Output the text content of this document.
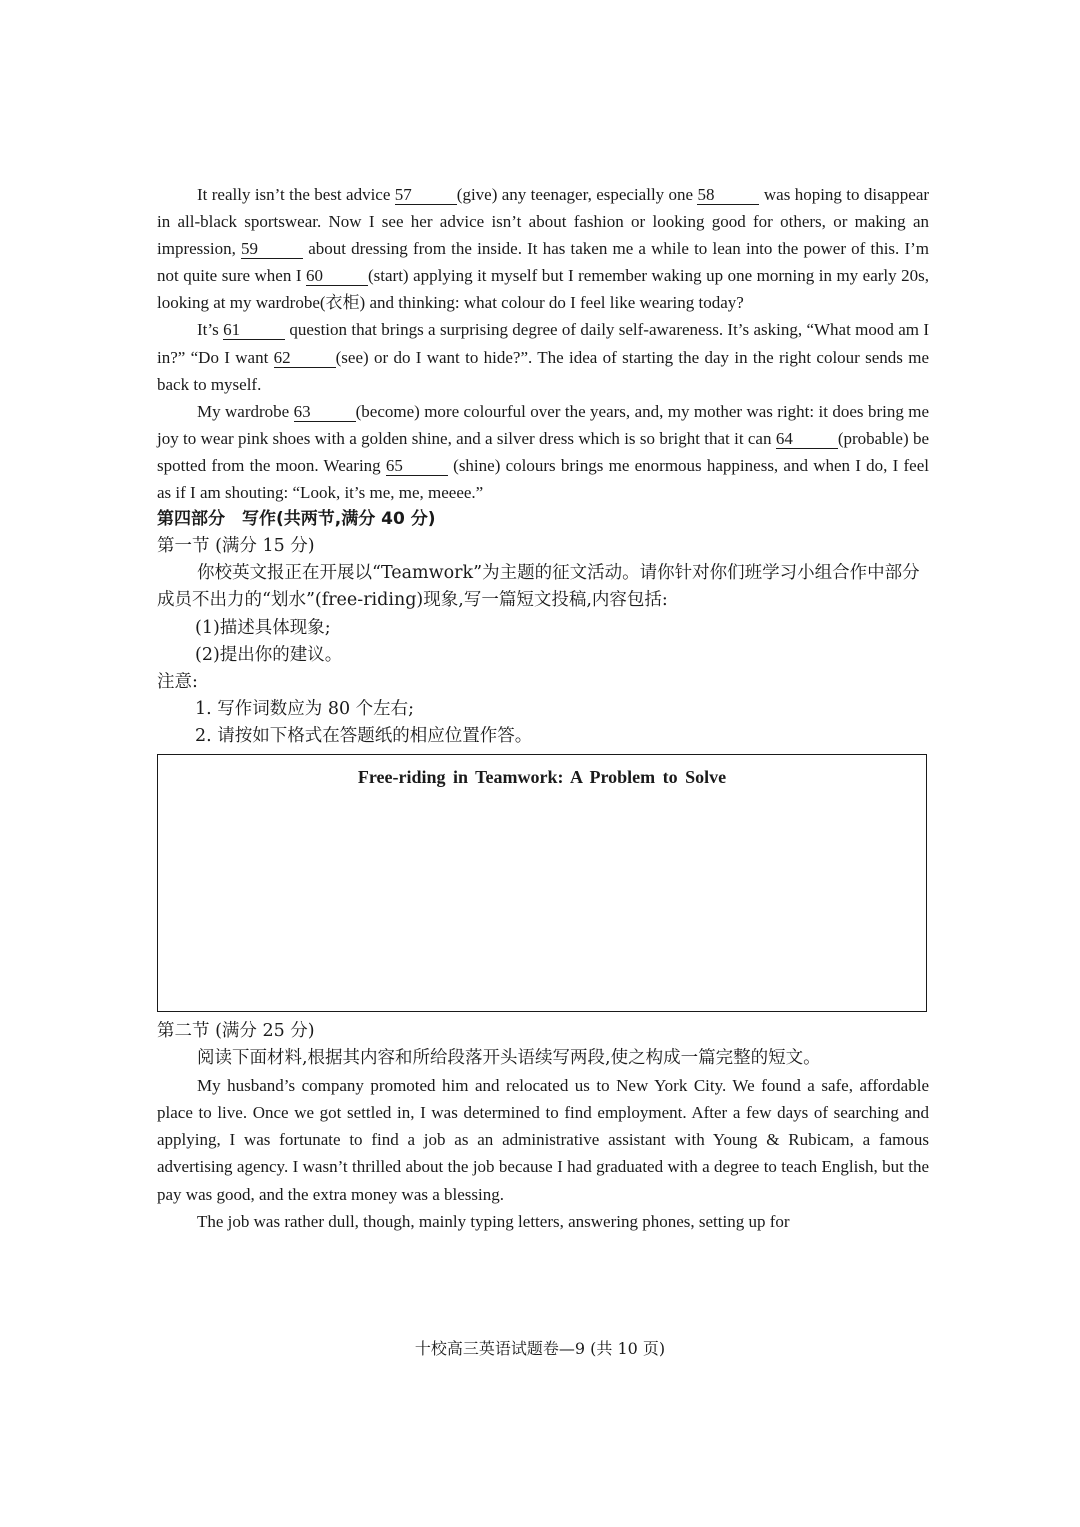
It really isn’t the best advice 57	(give) any teenager, especially one 58	was hoping to disappear in all-black sportswear. Now I see her advice isn’t about fashion or looking good for others, or making an impression, 59	about dressing from the inside. It has taken me a while to lean into the power of this. I’m not quite sure when I 60	(start) applying it myself but I remember waking up one morning in my early 20s, looking at my wardrobe(衣柜) and thinking: what colour do I feel like wearing today?

It’s 61	question that brings a surprising degree of daily self-awareness. It’s asking, “What mood am I in?” “Do I want 62	(see) or do I want to hide?”. The idea of starting the day in the right colour sends me back to myself.

My wardrobe 63	(become) more colourful over the years, and, my mother was right: it does bring me joy to wear pink shoes with a golden shine, and a silver dress which is so bright that it can 64	(probable) be spotted from the moon. Wearing 65	(shine) colours brings me enormous happiness, and when I do, I feel as if I am shouting: “Look, it’s me, me, meeee.”

第四部分　写作(共两节,满分 40 分)

第一节 (满分 15 分)

你校英文报正在开展以“Teamwork”为主题的征文活动。请你针对你们班学习小组合作中部分成员不出力的“划水”(free-riding)现象,写一篇短文投稿,内容包括:

(1)描述具体现象;

(2)提出你的建议。

注意:

1. 写作词数应为 80 个左右;

2. 请按如下格式在答题纸的相应位置作答。

Free-riding in Teamwork: A Problem to Solve

第二节 (满分 25 分)

阅读下面材料,根据其内容和所给段落开头语续写两段,使之构成一篇完整的短文。

My husband’s company promoted him and relocated us to New York City. We found a safe, affordable place to live. Once we got settled in, I was determined to find employment. After a few days of searching and applying, I was fortunate to find a job as an administrative assistant with Young & Rubicam, a famous advertising agency. I wasn’t thrilled about the job because I had graduated with a degree to teach English, but the pay was good, and the extra money was a blessing.

The job was rather dull, though, mainly typing letters, answering phones, setting up for

十校高三英语试题卷—9 (共 10 页)
